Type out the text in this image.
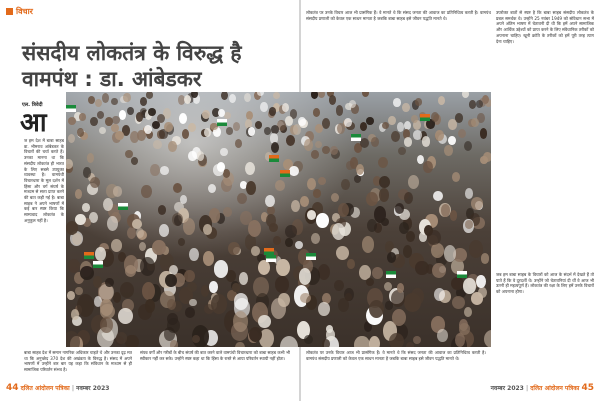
विचार
संसदीय लोकतंत्र के विरुद्ध है
वामपंथ : डा. आंबेडकर
एल. त्रिवेदी
आ

ज हम देश में बाबा साहब डा. भीमराव आंबेडकर के विचारों की चर्चा करते हैं। उनका मानना था कि संसदीय लोकतंत्र ही भारत के लिए सबसे उपयुक्त व्यवस्था है। वामपंथी विचारधारा के मूल दर्शन में हिंसा और वर्ग संघर्ष के माध्यम से सत्ता प्राप्त करने की बात कही गई है। बाबा साहब ने अपने भाषणों में कई बार स्पष्ट किया कि साम्यवाद लोकतंत्र के अनुकूल नहीं है।

बाबा साहब देश में समान नागरिक अधिकार चाहते थे और उनका दृढ़ मत था कि अनुच्छेद 370 देश की अखंडता के विरुद्ध है। संसद में अपने भाषणों में उन्होंने बार बार यह कहा कि संविधान के माध्यम से ही सामाजिक परिवर्तन संभव है।

संपन्न वर्गों और गरीबों के बीच संघर्ष की बात करने वाले वामपंथी विचारधारा को बाबा साहब कभी भी स्वीकार नहीं कर सके। उन्होंने स्पष्ट कहा था कि हिंसा के रास्ते से आया परिवर्तन स्थायी नहीं होता।

लोकतंत्र पर उनके विचार आज भी प्रासंगिक हैं। वे मानते थे कि संसद जनता की आवाज का प्रतिनिधित्व करती है। वामपंथ संसदीय प्रणाली को केवल एक साधन मानता है जबकि बाबा साहब इसे जीवन पद्धति मानते थे।

लोकतंत्र पर उनके विचार आज भी प्रासंगिक हैं। वे मानते थे कि संसद जनता की आवाज का प्रतिनिधित्व करती है। वामपंथ संसदीय प्रणाली को केवल एक साधन मानता है जबकि बाबा साहब इसे जीवन पद्धति मानते थे।

उपरोक्त बातों से स्पष्ट है कि बाबा साहब संसदीय लोकतंत्र के प्रबल समर्थक थे। उन्होंने 25 नवंबर 1949 को संविधान सभा में अपने अंतिम भाषण में चेतावनी दी थी कि हमें अपने सामाजिक और आर्थिक उद्देश्यों को प्राप्त करने के लिए संवैधानिक तरीकों को अपनाना चाहिए। खूनी क्रांति के तरीकों को हमें पूरी तरह त्याग देना चाहिए।

जब हम बाबा साहब के विचारों को आज के संदर्भ में देखते हैं तो पाते हैं कि वे दूरदर्शी थे। उन्होंने जो चेतावनियां दी थीं वे आज भी उतनी ही महत्वपूर्ण हैं। लोकतंत्र की रक्षा के लिए हमें उनके विचारों को अपनाना होगा।

44
दलित आंदोलन पत्रिका
|
नवम्बर 2023	नवम्बर 2023
|
दलित आंदोलन पत्रिका
45
